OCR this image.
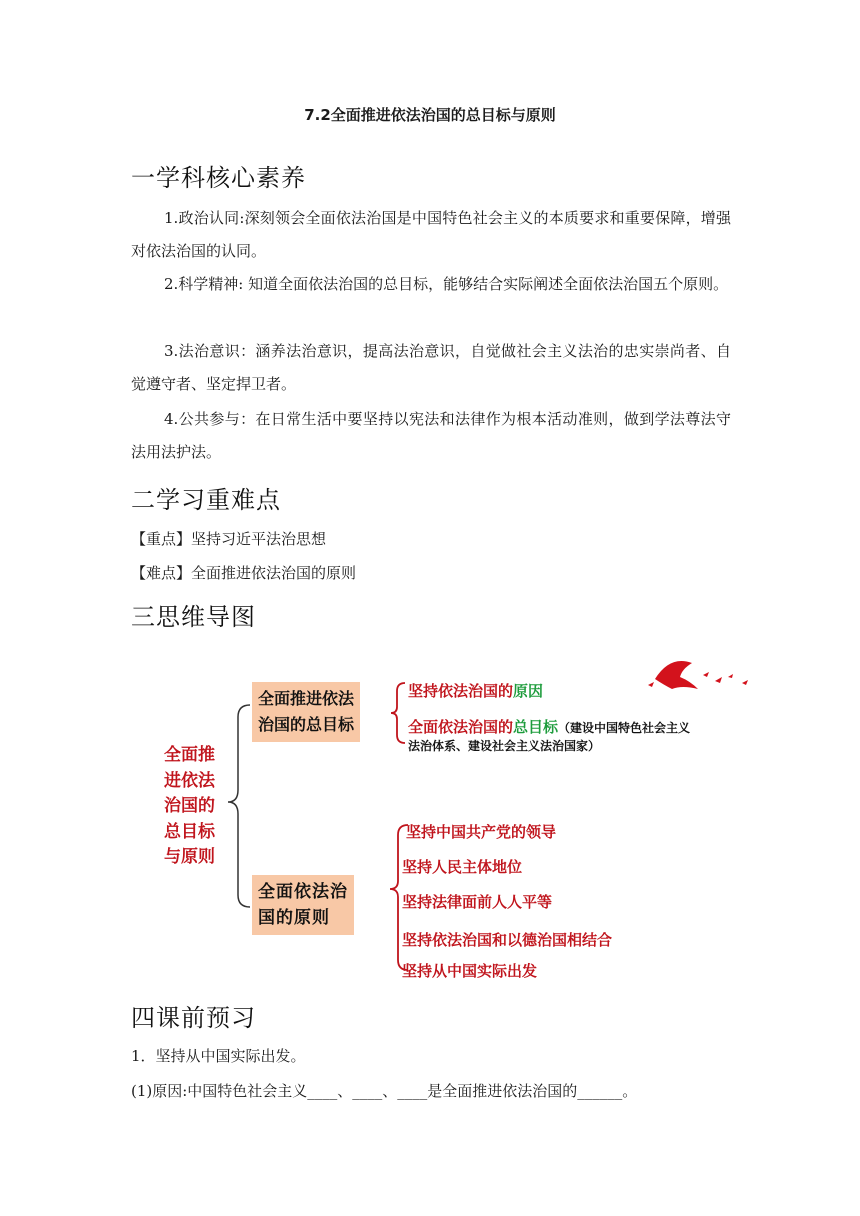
7.2全面推进依法治国的总目标与原则
一学科核心素养
1.政治认同:深刻领会全面依法治国是中国特色社会主义的本质要求和重要保障，增强对依法治国的认同。
2.科学精神: 知道全面依法治国的总目标，能够结合实际阐述全面依法治国五个原则。
3.法治意识：涵养法治意识，提高法治意识，自觉做社会主义法治的忠实崇尚者、自觉遵守者、坚定捍卫者。
4.公共参与：在日常生活中要坚持以宪法和法律作为根本活动准则，做到学法尊法守法用法护法。
二学习重难点
【重点】坚持习近平法治思想
【难点】全面推进依法治国的原则
三思维导图
全面推
进依法
治国的
总目标
与原则
全面推进依法
治国的总目标
坚持依法治国的原因
全面依法治国的总目标（建设中国特色社会主义
法治体系、建设社会主义法治国家）
全面依法治
国的原则
坚持中国共产党的领导
坚持人民主体地位
坚持法律面前人人平等
坚持依法治国和以德治国相结合
坚持从中国实际出发
四课前预习
1．坚持从中国实际出发。
(1)原因:中国特色社会主义____、____、____是全面推进依法治国的______。
